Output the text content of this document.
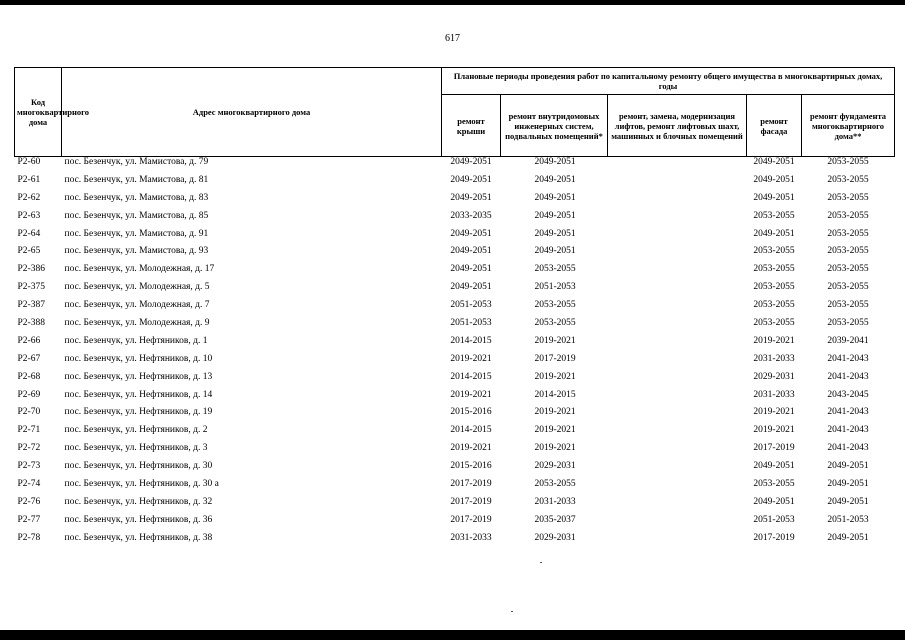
617
Код многоквартирного дома	Адрес многоквартирного дома	Плановые периоды проведения работ по капитальному ремонту общего имущества в многоквартирных домах, годы				
		ремонт крыши	ремонт внутридомовых инженерных систем, подвальных помещений*	ремонт, замена, модернизация лифтов, ремонт лифтовых шахт, машинных и блочных помещений	ремонт фасада	ремонт фундамента многоквартирного дома**
Р2-60	пос. Безенчук, ул. Мамистова, д. 79	2049-2051	2049-2051		2049-2051	2053-2055
Р2-61	пос. Безенчук, ул. Мамистова, д. 81	2049-2051	2049-2051		2049-2051	2053-2055
Р2-62	пос. Безенчук, ул. Мамистова, д. 83	2049-2051	2049-2051		2049-2051	2053-2055
Р2-63	пос. Безенчук, ул. Мамистова, д. 85	2033-2035	2049-2051		2053-2055	2053-2055
Р2-64	пос. Безенчук, ул. Мамистова, д. 91	2049-2051	2049-2051		2049-2051	2053-2055
Р2-65	пос. Безенчук, ул. Мамистова, д. 93	2049-2051	2049-2051		2053-2055	2053-2055
Р2-386	пос. Безенчук, ул. Молодежная, д. 17	2049-2051	2053-2055		2053-2055	2053-2055
Р2-375	пос. Безенчук, ул. Молодежная, д. 5	2049-2051	2051-2053		2053-2055	2053-2055
Р2-387	пос. Безенчук, ул. Молодежная, д. 7	2051-2053	2053-2055		2053-2055	2053-2055
Р2-388	пос. Безенчук, ул. Молодежная, д. 9	2051-2053	2053-2055		2053-2055	2053-2055
Р2-66	пос. Безенчук, ул. Нефтяников, д. 1	2014-2015	2019-2021		2019-2021	2039-2041
Р2-67	пос. Безенчук, ул. Нефтяников, д. 10	2019-2021	2017-2019		2031-2033	2041-2043
Р2-68	пос. Безенчук, ул. Нефтяников, д. 13	2014-2015	2019-2021		2029-2031	2041-2043
Р2-69	пос. Безенчук, ул. Нефтяников, д. 14	2019-2021	2014-2015		2031-2033	2043-2045
Р2-70	пос. Безенчук, ул. Нефтяников, д. 19	2015-2016	2019-2021		2019-2021	2041-2043
Р2-71	пос. Безенчук, ул. Нефтяников, д. 2	2014-2015	2019-2021		2019-2021	2041-2043
Р2-72	пос. Безенчук, ул. Нефтяников, д. 3	2019-2021	2019-2021		2017-2019	2041-2043
Р2-73	пос. Безенчук, ул. Нефтяников, д. 30	2015-2016	2029-2031		2049-2051	2049-2051
Р2-74	пос. Безенчук, ул. Нефтяников, д. 30 а	2017-2019	2053-2055		2053-2055	2049-2051
Р2-76	пос. Безенчук, ул. Нефтяников, д. 32	2017-2019	2031-2033		2049-2051	2049-2051
Р2-77	пос. Безенчук, ул. Нефтяников, д. 36	2017-2019	2035-2037		2051-2053	2051-2053
Р2-78	пос. Безенчук, ул. Нефтяников, д. 38	2031-2033	2029-2031		2017-2019	2049-2051
